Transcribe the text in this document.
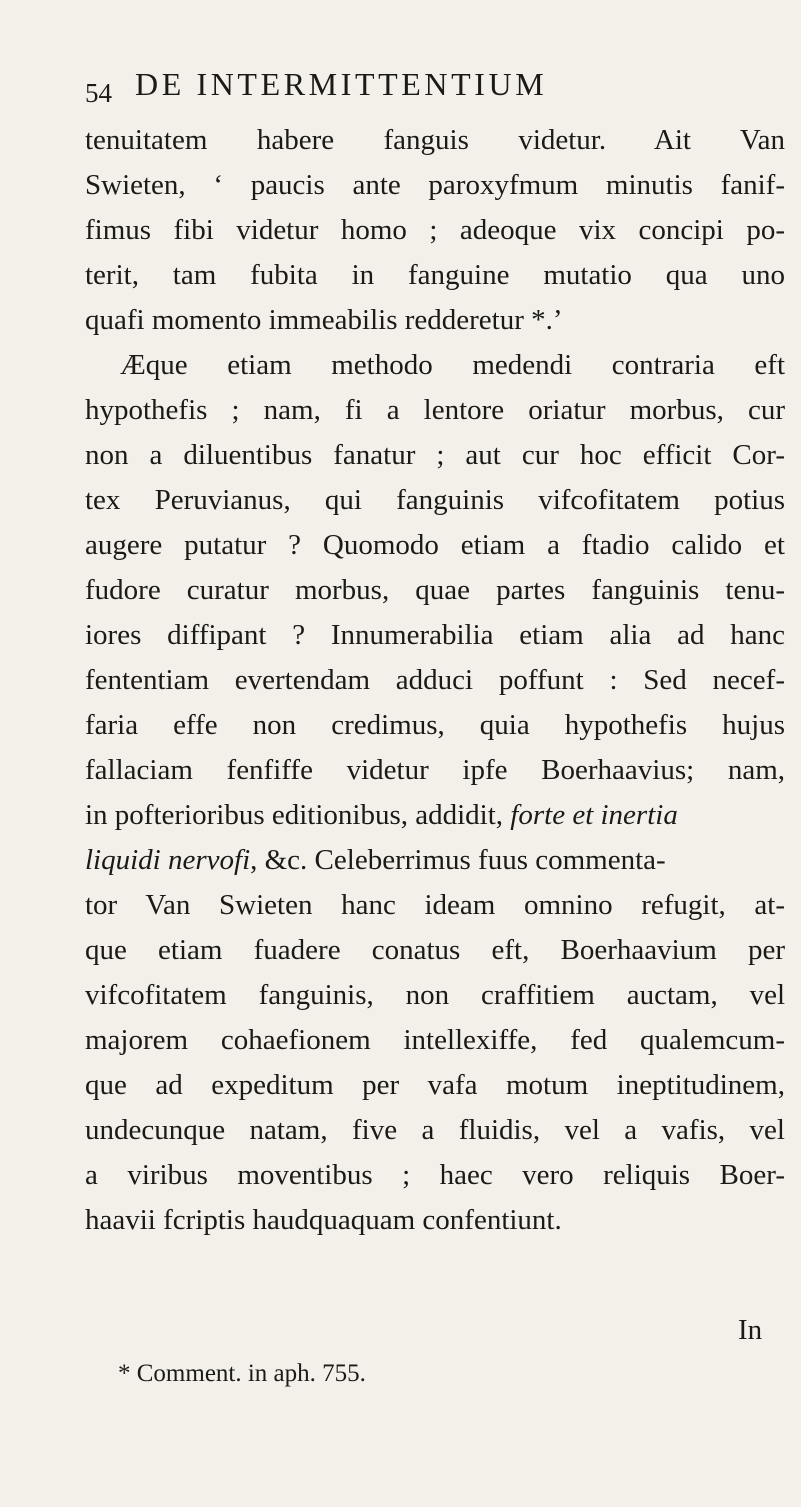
54 DE INTERMITTENTIUM
tenuitatem habere fanguis videtur. Ait Van
Swieten, ‘ paucis ante paroxyfmum minutis fanif-
fimus fibi videtur homo ; adeoque vix concipi po-
terit, tam fubita in fanguine mutatio qua uno
quafi momento immeabilis redderetur *.’
Æque etiam methodo medendi contraria eft
hypothefis ; nam, fi a lentore oriatur morbus, cur
non a diluentibus fanatur ; aut cur hoc efficit Cor-
tex Peruvianus, qui fanguinis vifcofitatem potius
augere putatur ? Quomodo etiam a ftadio calido et
fudore curatur morbus, quae partes fanguinis tenu-
iores diffipant ? Innumerabilia etiam alia ad hanc
fententiam evertendam adduci poffunt : Sed necef-
faria effe non credimus, quia hypothefis hujus
fallaciam fenfiffe videtur ipfe Boerhaavius; nam,
in pofterioribus editionibus, addidit, forte et inertia
liquidi nervofi, &c. Celeberrimus fuus commenta-
tor Van Swieten hanc ideam omnino refugit, at-
que etiam fuadere conatus eft, Boerhaavium per
vifcofitatem fanguinis, non craffitiem auctam, vel
majorem cohaefionem intellexiffe, fed qualemcum-
que ad expeditum per vafa motum ineptitudinem,
undecunque natam, five a fluidis, vel a vafis, vel
a viribus moventibus ; haec vero reliquis Boer-
haavii fcriptis haudquaquam confentiunt.
In
* Comment. in aph. 755.
